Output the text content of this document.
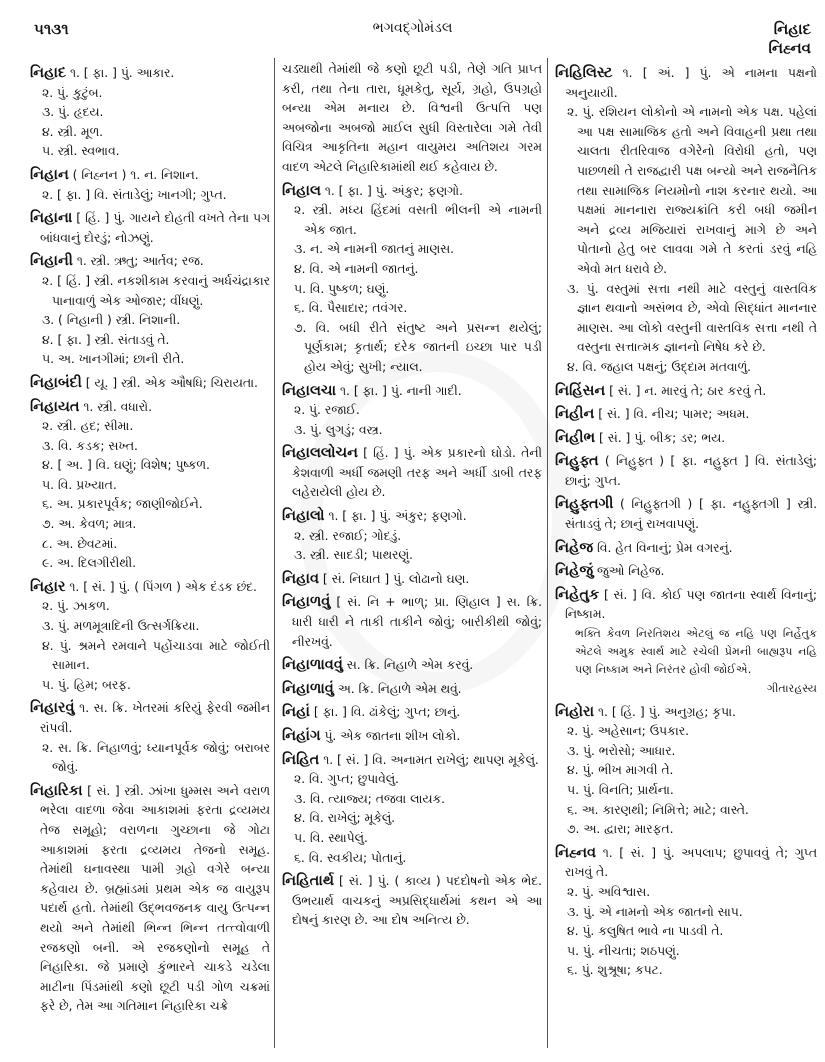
૫૧૩૧	ભગવદ્ગોમંડલ	નિહાદ
નિહ્નવ
નિહાદ ૧. [ ફા. ] પું. આકાર.
૨. પું. કુટુંબ.
૩. પું. હૃદય.
૪. સ્ત્રી. મૂળ.
૫. સ્ત્રી. સ્વભાવ.
નિહાન ( નિહ્નન ) ૧. ન. નિશાન.
૨. [ ફા. ] વિ. સંતાડેલું; ખાનગી; ગુપ્ત.
નિહાના [ હિં. ] પું. ગાયને દોહતી વખતે તેના પગ બાંધવાનું દોરડું; નોઝણું.
નિહાની ૧. સ્ત્રી. ઋતુ; આર્તવ; રજ.
૨. [ હિં. ] સ્ત્રી. નકશીકામ કરવાનું અર્ધચંદ્રાકાર પાનાવાળું એક ઓજાર; વીંધણું.
૩. ( નિહાની ) સ્ત્રી. નિશાની.
૪. [ ફા. ] સ્ત્રી. સંતાડવું તે.
૫. અ. ખાનગીમાં; છાની રીતે.
નિહાબંદી [ યૂ. ] સ્ત્રી. એક ઔષધિ; ચિરાયતા.
નિહાયત ૧. સ્ત્રી. વધારો.
૨. સ્ત્રી. હદ; સીમા.
૩. વિ. કડક; સખ્ત.
૪. [ અ. ] વિ. ઘણું; વિશેષ; પુષ્કળ.
૫. વિ. પ્રખ્યાત.
૬. અ. પ્રકારપૂર્વક; જાણીજોઈને.
૭. અ. કેવળ; માત્ર.
૮. અ. છેવટમાં.
૯. અ. દિલગીરીથી.
નિહાર ૧. [ સં. ] પું. ( પિંગળ ) એક દંડક છંદ.
૨. પું. ઝાકળ.
૩. પું. મળમૂત્રાદિની ઉત્સર્ગક્રિયા.
૪. પું. શ્રમને રમવાને પહોંચાડવા માટે જોઈતી સામાન.
૫. પું. હિમ; બરફ.
નિહારવું ૧. સ. ક્રિ. ખેતરમાં કરિયું ફેરવી જમીન રાંપવી.
૨. સ. ક્રિ. નિહાળવું; ધ્યાનપૂર્વક જોવું; બરાબર જોવું.
નિહારિકા [ સં. ] સ્ત્રી. ઝાંખા ધુમ્મસ અને વરાળ ભરેલા વાદળા જેવા આકાશમાં ફરતા દ્રવ્યમય તેજ સમૂહો; વરાળના ગુચ્છાના જે ગોટા આકાશમાં ફરતા દ્રવ્યમય તેજનો સમૂહ. તેમાંથી ઘનાવસ્થા પામી ગ્રહો વગેરે બન્યા કહેવાય છે. બ્રહ્માંડમાં પ્રથમ એક જ વાયુરૂપ પદાર્થ હતો. તેમાંથી ઉદ્ભવજનક વાયુ ઉત્પન્ન થયો અને તેમાંથી ભિન્ન ભિન્ન તત્ત્વોવાળી રજકણો બની. એ રજકણોનો સમૂહ તે નિહારિકા. જે પ્રમાણે કુંભારને ચાકડે ચડેલા માટીના પિંડમાંથી કણો છૂટી પડી ગોળ ચક્રમાં ફરે છે, તેમ આ ગતિમાન નિહારિકા ચક્રે
ચડ્યાથી તેમાંથી જે કણો છૂટી પડી, તેણે ગતિ પ્રાપ્ત કરી, તથા તેના તારા, ધૂમકેતુ, સૂર્ય, ગ્રહો, ઉપગ્રહો બન્યા એમ મનાય છે. વિશ્વની ઉત્પત્તિ પણ અબજોના અબજો માઈલ સુધી વિસ્તારેલા ગમે તેવી વિચિત્ર આકૃતિના મહાન વાયુમય અતિશય ગરમ વાદળ એટલે નિહારિકામાંથી થઈ કહેવાય છે.
નિહાલ ૧. [ ફા. ] પું. અંકુર; ફણગો.
૨. સ્ત્રી. મધ્ય હિંદમાં વસતી ભીલની એ નામની એક જાત.
૩. ન. એ નામની જાતનું માણસ.
૪. વિ. એ નામની જાતનું.
૫. વિ. પુષ્કળ; ઘણું.
૬. વિ. પૈસાદાર; તવંગર.
૭. વિ. બધી રીતે સંતુષ્ટ અને પ્રસન્ન થયેલું; પૂર્ણકામ; કૃતાર્થ; દરેક જાતની ઇચ્છા પાર પડી હોય એવું; સુખી; ન્યાલ.
નિહાલચા ૧. [ ફા. ] પું. નાની ગાદી.
૨. પું. રજાઈ.
૩. પું. લુગડું; વસ્ત્ર.
નિહાલલોચન [ હિં. ] પું. એક પ્રકારનો ઘોડો. તેની કેશવાળી અર્ધી જમણી તરફ અને અર્ધી ડાબી તરફ લહેરાયેલી હોય છે.
નિહાલો ૧. [ ફા. ] પું. અંકુર; ફણગો.
૨. સ્ત્રી. રજાઈ; ગોદડું.
૩. સ્ત્રી. સાદડી; પાથરણું.
નિહાવ [ સં. નિઘાત ] પું. લોઢાનો ઘણ.
નિહાળવું [ સં. નિ + ભાળ્; પ્રા. ણિહાલ ] સ. ક્રિ. ધારી ધારી ને તાકી તાકીને જોવું; બારીકીથી જોવું; નીરખવું.
નિહાળાવવું સ. ક્રિ. નિહાળે એમ કરવું.
નિહાળાવું અ. ક્રિ. નિહાળે એમ થવું.
નિહાં [ ફા. ] વિ. ઢાંકેલું; ગુપ્ત; છાનું.
નિહાંગ પું. એક જાતના શીખ લોકો.
નિહિત ૧. [ સં. ] વિ. અનામત રાખેલું; થાપણ મૂકેલું.
૨. વિ. ગુપ્ત; છુપાવેલું.
૩. વિ. ત્યાજ્ય; તજવા લાયક.
૪. વિ. રાખેલું; મૂકેલું.
૫. વિ. સ્થાપેલું.
૬. વિ. સ્વકીય; પોતાનું.
નિહિતાર્થ [ સં. ] પું. ( કાવ્ય ) પદદોષનો એક ભેદ. ઉભયાર્થ વાચકનું અપ્રસિદ્ધાર્થમાં કથન એ આ દોષનું કારણ છે. આ દોષ અનિત્ય છે.
નિહિલિસ્ટ ૧. [ અં. ] પું. એ નામના પક્ષનો અનુયાયી.
૨. પું. રશિયન લોકોનો એ નામનો એક પક્ષ. પહેલાં આ પક્ષ સામાજિક હતો અને વિવાહની પ્રથા તથા ચાલતા રીતરિવાજ વગેરેનો વિરોધી હતો, પણ પાછળથી તે રાજદ્વારી પક્ષ બન્યો અને રાજનૈતિક તથા સામાજિક નિયમોનો નાશ કરનાર થયો. આ પક્ષમાં માનનારા રાજ્યક્રાંતિ કરી બધી જમીન અને દ્રવ્ય મજિયારાં રાખવાનું માગે છે અને પોતાનો હેતુ બર લાવવા ગમે તે કરતાં ડરવું નહિ એવો મત ધરાવે છે.
૩. પું. વસ્તુમાં સત્તા નથી માટે વસ્તુનું વાસ્તવિક જ્ઞાન થવાનો અસંભવ છે, એવો સિદ્ધાંત માનનાર માણસ. આ લોકો વસ્તુની વાસ્તવિક સત્તા નથી તે વસ્તુના સત્તાત્મક જ્ઞાનનો નિષેધ કરે છે.
૪. વિ. જહાલ પક્ષનું; ઉદ્દામ મતવાળું.
નિહિંસન [ સં. ] ન. મારવું તે; ઠાર કરવું તે.
નિહીન [ સં. ] વિ. નીચ; પામર; અધમ.
નિહીભ [ સં. ] પું. બીક; ડર; ભય.
નિહુફ્ત ( નિહુફ્ત ) [ ફા. નહુફ્ત ] વિ. સંતાડેલું; છાનું; ગુપ્ત.
નિહુફ્તગી ( નિહુફ્તગી ) [ ફા. નહુફ્તગી ] સ્ત્રી. સંતાડવું તે; છાનું રાખવાપણું.
નિહેજ વિ. હેત વિનાનું; પ્રેમ વગરનું.
નિહેજું જુઓ નિહેજ.
નિહેતુક [ સં. ] વિ. કોઈ પણ જાતના સ્વાર્થ વિનાનું; નિષ્કામ.
ભક્તિ કેવળ નિરતિશય એટલું જ નહિ પણ નિર્હેતુક એટલે અમુક સ્વાર્થ માટે રચેલી પ્રેમની બાહ્યરૂપ નહિ પણ નિષ્કામ અને નિરંતર હોવી જોઈએ.
ગીતારહસ્ય
નિહોરા ૧. [ હિં. ] પું. અનુગ્રહ; કૃપા.
૨. પું. અહેસાન; ઉપકાર.
૩. પું. ભરોસો; આધાર.
૪. પું. ભીખ માગવી તે.
૫. પું. વિનતિ; પ્રાર્થના.
૬. અ. કારણથી; નિમિત્તે; માટે; વાસ્તે.
૭. અ. દ્વારા; મારફત.
નિહ્નવ ૧. [ સં. ] પું. અપલાપ; છુપાવવું તે; ગુપ્ત રાખવું તે.
૨. પું. અવિશ્વાસ.
૩. પું. એ નામનો એક જાતનો સાપ.
૪. પું. કલુષિત ભાવે ના પાડવી તે.
૫. પું. નીચતા; શઠપણું.
૬. પું. શુશ્રૂષા; કપટ.
